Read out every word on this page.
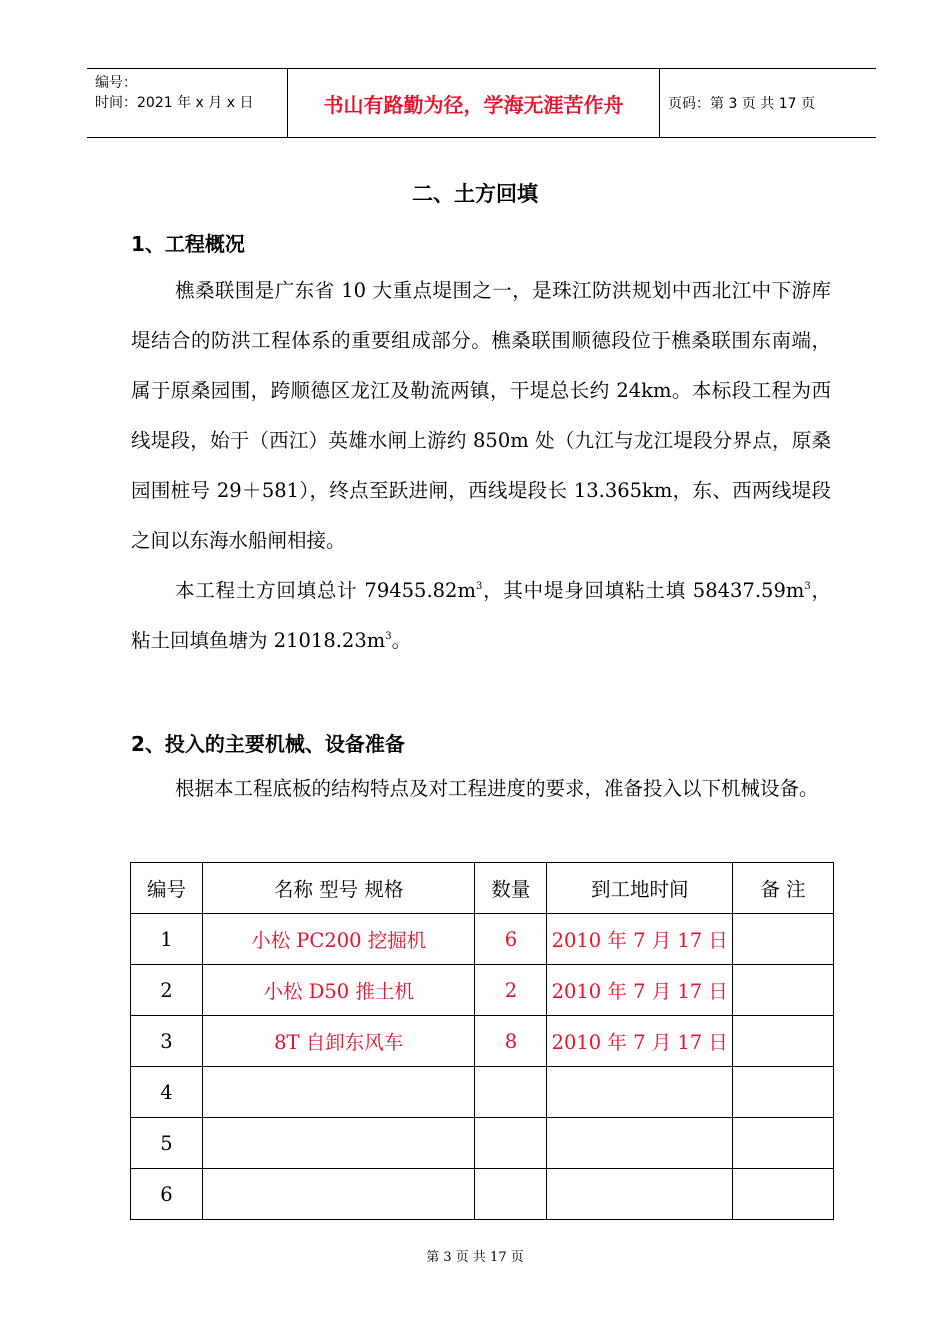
编号：
时间：2021 年 x 月 x 日	书山有路勤为径，学海无涯苦作舟	页码：第 3 页 共 17 页
二、土方回填
1、工程概况
樵桑联围是广东省 10 大重点堤围之一，是珠江防洪规划中西北江中下游库堤结合的防洪工程体系的重要组成部分。樵桑联围顺德段位于樵桑联围东南端，属于原桑园围，跨顺德区龙江及勒流两镇，干堤总长约 24km。本标段工程为西线堤段，始于（西江）英雄水闸上游约 850m 处（九江与龙江堤段分界点，原桑园围桩号 29＋581），终点至跃进闸，西线堤段长 13.365km，东、西两线堤段之间以东海水船闸相接。
本工程土方回填总计 $79455.82m^3$，其中堤身回填粘土填 $58437.59m^3$，粘土回填鱼塘为 $21018.23m^3$。
2、投入的主要机械、设备准备
根据本工程底板的结构特点及对工程进度的要求，准备投入以下机械设备。
编号	名称 型号 规格	数量	到工地时间	备 注
1	小松 PC200 挖掘机	6	2010 年 7 月 17 日	
2	小松 D50 推土机	2	2010 年 7 月 17 日	
3	8T 自卸东风车	8	2010 年 7 月 17 日	
4				
5				
6				
第 3 页 共 17 页
